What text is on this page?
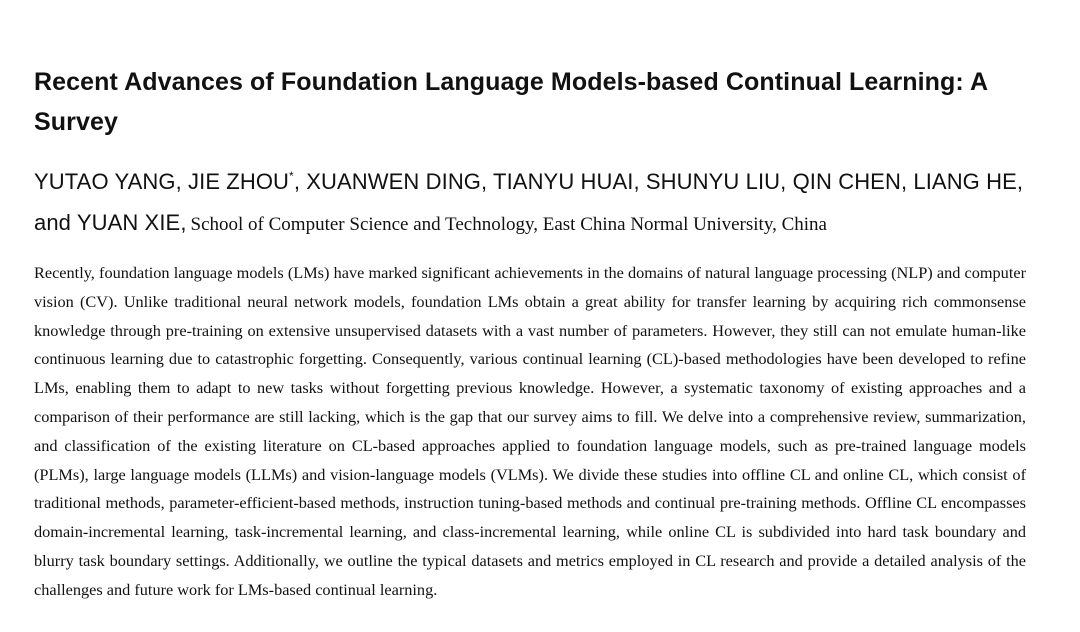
Recent Advances of Foundation Language Models-based Continual Learning: A Survey
YUTAO YANG, JIE ZHOU*, XUANWEN DING, TIANYU HUAI, SHUNYU LIU, QIN CHEN, LIANG HE, and YUAN XIE, School of Computer Science and Technology, East China Normal University, China

Recently, foundation language models (LMs) have marked significant achievements in the domains of natural language processing (NLP) and computer vision (CV). Unlike traditional neural network models, foundation LMs obtain a great ability for transfer learning by acquiring rich commonsense knowledge through pre-training on extensive unsupervised datasets with a vast number of parameters. However, they still can not emulate human-like continuous learning due to catastrophic forgetting. Consequently, various continual learning (CL)-based methodologies have been developed to refine LMs, enabling them to adapt to new tasks without forgetting previous knowledge. However, a systematic taxonomy of existing approaches and a comparison of their performance are still lacking, which is the gap that our survey aims to fill. We delve into a comprehensive review, summarization, and classification of the existing literature on CL-based approaches applied to foundation language models, such as pre-trained language models (PLMs), large language models (LLMs) and vision-language models (VLMs). We divide these studies into offline CL and online CL, which consist of traditional methods, parameter-efficient-based methods, instruction tuning-based methods and continual pre-training methods. Offline CL encompasses domain-incremental learning, task-incremental learning, and class-incremental learning, while online CL is subdivided into hard task boundary and blurry task boundary settings. Additionally, we outline the typical datasets and metrics employed in CL research and provide a detailed analysis of the challenges and future work for LMs-based continual learning.
